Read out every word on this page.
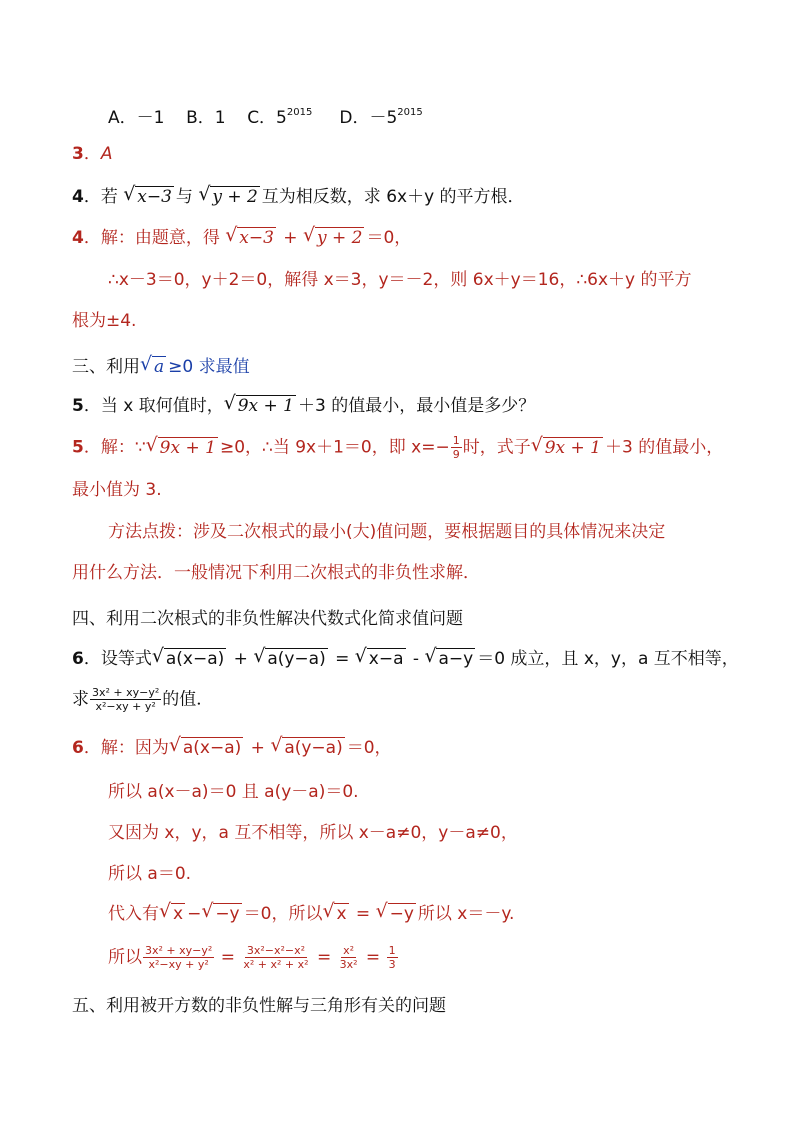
A．－1 B．1 C．$5^{2015}$ D．$-5^{2015}$
3．A
4．若 √ x−3 与 √ y + 2 互为相反数，求 6x＋y 的平方根．
4．解：由题意，得 √ x−3 + √ y + 2 ＝0，
∴x－3＝0，y＋2＝0，解得 x＝3，y＝－2，则 6x＋y＝16，∴6x＋y 的平方
根为±4.
三、利用 √ a ≥0 求最值
5．当 x 取何值时， √ 9x + 1 ＋3 的值最小，最小值是多少？
5．解：∵ √ 9x + 1 ≥0，∴当 9x＋1＝0，即 $x=- \frac{1}{9}$ 时，式子 √ 9x + 1 ＋3 的值最小，
最小值为 3.
方法点拨：涉及二次根式的最小(大)值问题，要根据题目的具体情况来决定
用什么方法．一般情况下利用二次根式的非负性求解．
四、利用二次根式的非负性解决代数式化简求值问题
6．设等式 √ a(x−a) + √ a(y−a) = √ x−a - √ a−y ＝0 成立，且 x，y，a 互不相等，
求 $\frac{\text{3x² + xy−y²}}{\text{x²−xy + y²}}$ 的值．
6．解：因为 √ a(x−a) + √ a(y−a) ＝0，
所以 a(x－a)＝0 且 a(y－a)＝0.
又因为 x，y，a 互不相等，所以 x－a≠0，y－a≠0，
所以 a＝0.
代入有 √ x − √ −y ＝0，所以 √ x = √ −y 所以 x＝－y.
所以 $\frac{\text{3x² + xy−y²}}{\text{x²−xy + y²}} = \frac{\text{3x²−x²−x²}}{\text{x² + x² + x²}} = \frac{\text{x²}}{\text{3x²}} = \frac{1}{3}$
五、利用被开方数的非负性解与三角形有关的问题
